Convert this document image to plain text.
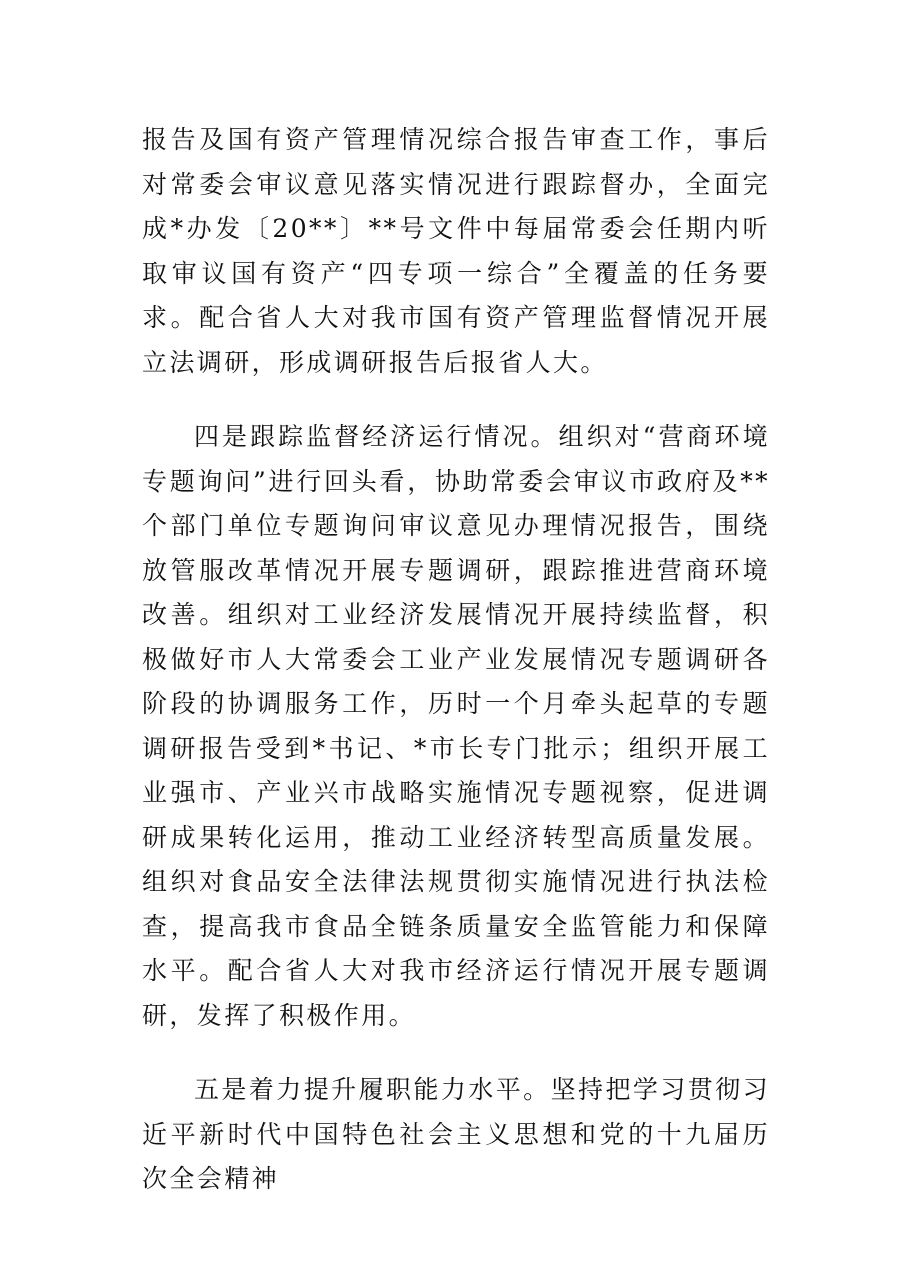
报告及国有资产管理情况综合报告审查工作，事后对常委会审议意见落实情况进行跟踪督办，全面完成*办发〔20**〕**号文件中每届常委会任期内听取审议国有资产“四专项一综合”全覆盖的任务要求。配合省人大对我市国有资产管理监督情况开展立法调研，形成调研报告后报省人大。

四是跟踪监督经济运行情况。组织对“营商环境专题询问”进行回头看，协助常委会审议市政府及**个部门单位专题询问审议意见办理情况报告，围绕放管服改革情况开展专题调研，跟踪推进营商环境改善。组织对工业经济发展情况开展持续监督，积极做好市人大常委会工业产业发展情况专题调研各阶段的协调服务工作，历时一个月牵头起草的专题调研报告受到*书记、*市长专门批示；组织开展工业强市、产业兴市战略实施情况专题视察，促进调研成果转化运用，推动工业经济转型高质量发展。组织对食品安全法律法规贯彻实施情况进行执法检查，提高我市食品全链条质量安全监管能力和保障水平。配合省人大对我市经济运行情况开展专题调研，发挥了积极作用。

五是着力提升履职能力水平。坚持把学习贯彻习近平新时代中国特色社会主义思想和党的十九届历次全会精神
